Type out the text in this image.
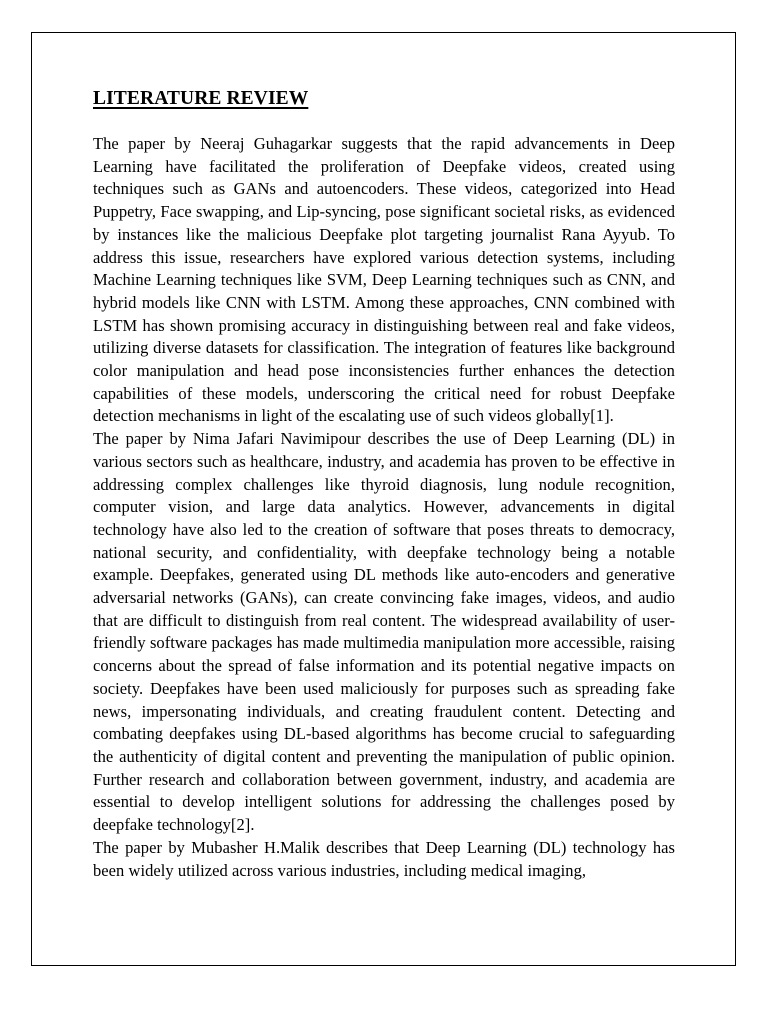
LITERATURE REVIEW

The paper by Neeraj Guhagarkar suggests that the rapid advancements in Deep Learning have facilitated the proliferation of Deepfake videos, created using techniques such as GANs and autoencoders. These videos, categorized into Head Puppetry, Face swapping, and Lip-syncing, pose significant societal risks, as evidenced by instances like the malicious Deepfake plot targeting journalist Rana Ayyub. To address this issue, researchers have explored various detection systems, including Machine Learning techniques like SVM, Deep Learning techniques such as CNN, and hybrid models like CNN with LSTM. Among these approaches, CNN combined with LSTM has shown promising accuracy in distinguishing between real and fake videos, utilizing diverse datasets for classification. The integration of features like background color manipulation and head pose inconsistencies further enhances the detection capabilities of these models, underscoring the critical need for robust Deepfake detection mechanisms in light of the escalating use of such videos globally[1].

The paper by Nima Jafari Navimipour describes the use of Deep Learning (DL) in various sectors such as healthcare, industry, and academia has proven to be effective in addressing complex challenges like thyroid diagnosis, lung nodule recognition, computer vision, and large data analytics. However, advancements in digital technology have also led to the creation of software that poses threats to democracy, national security, and confidentiality, with deepfake technology being a notable example. Deepfakes, generated using DL methods like auto-encoders and generative adversarial networks (GANs), can create convincing fake images, videos, and audio that are difficult to distinguish from real content. The widespread availability of user-friendly software packages has made multimedia manipulation more accessible, raising concerns about the spread of false information and its potential negative impacts on society. Deepfakes have been used maliciously for purposes such as spreading fake news, impersonating individuals, and creating fraudulent content. Detecting and combating deepfakes using DL-based algorithms has become crucial to safeguarding the authenticity of digital content and preventing the manipulation of public opinion. Further research and collaboration between government, industry, and academia are essential to develop intelligent solutions for addressing the challenges posed by deepfake technology[2].

The paper by Mubasher H.Malik describes that Deep Learning (DL) technology has been widely utilized across various industries, including medical imaging,
